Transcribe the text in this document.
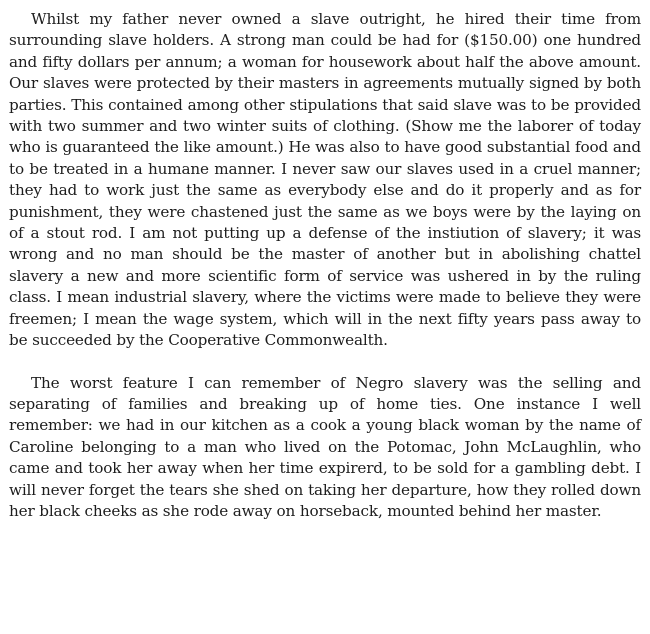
Whilst my father never owned a slave outright, he hired their time from surrounding slave holders. A strong man could be had for ($150.00) one hundred and fifty dollars per annum; a woman for housework about half the above amount. Our slaves were protected by their masters in agreements mutually signed by both parties. This contained among other stipulations that said slave was to be provided with two summer and two winter suits of clothing. (Show me the laborer of today who is guaranteed the like amount.) He was also to have good substantial food and to be treated in a humane manner. I never saw our slaves used in a cruel manner; they had to work just the same as everybody else and do it properly and as for punishment, they were chastened just the same as we boys were by the laying on of a stout rod. I am not putting up a defense of the instiution of slavery; it was wrong and no man should be the master of another but in abolishing chattel slavery a new and more scientific form of service was ushered in by the ruling class. I mean industrial slavery, where the victims were made to believe they were freemen; I mean the wage system, which will in the next fifty years pass away to be succeeded by the Cooperative Commonwealth.

The worst feature I can remember of Negro slavery was the selling and separating of families and breaking up of home ties. One instance I well remember: we had in our kitchen as a cook a young black woman by the name of Caroline belonging to a man who lived on the Potomac, John McLaughlin, who came and took her away when her time expirerd, to be sold for a gambling debt. I will never forget the tears she shed on taking her departure, how they rolled down her black cheeks as she rode away on horseback, mounted behind her master.
